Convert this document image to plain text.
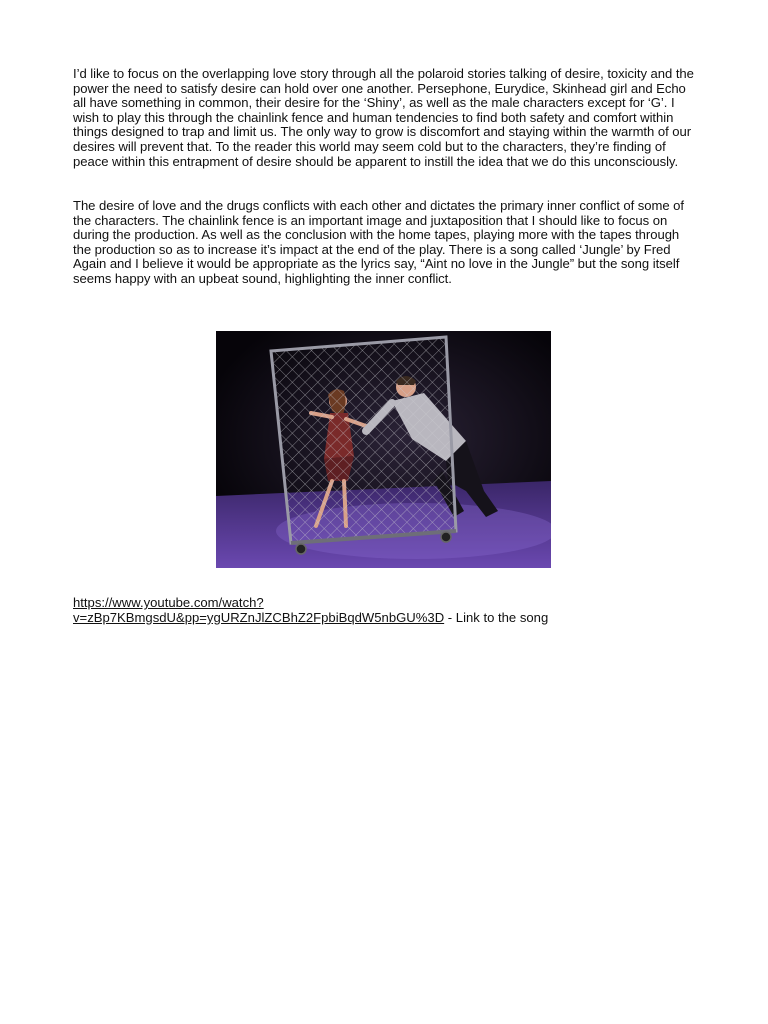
I’d like to focus on the overlapping love story through all the polaroid stories talking of desire, toxicity and the power the need to satisfy desire can hold over one another. Persephone, Eurydice, Skinhead girl and Echo all have something in common, their desire for the ‘Shiny’, as well as the male characters except for ‘G’. I wish to play this through the chainlink fence and human tendencies to find both safety and comfort within things designed to trap and limit us. The only way to grow is discomfort and staying within the warmth of our desires will prevent that. To the reader this world may seem cold but to the characters, they’re finding of peace within this entrapment of desire should be apparent to instill the idea that we do this unconsciously.

The desire of love and the drugs conflicts with each other and dictates the primary inner conflict of some of the characters. The chainlink fence is an important image and juxtaposition that I should like to focus on during the production. As well as the conclusion with the home tapes, playing more with the tapes through the production so as to increase it’s impact at the end of the play. There is a song called ‘Jungle’ by Fred Again and I believe it would be appropriate as the lyrics say, “Aint no love in the Jungle” but the song itself seems happy with an upbeat sound, highlighting the inner conflict.

https://www.youtube.com/watch?
v=zBp7KBmgsdU&pp=ygURZnJlZCBhZ2FpbiBqdW5nbGU%3D - Link to the song
